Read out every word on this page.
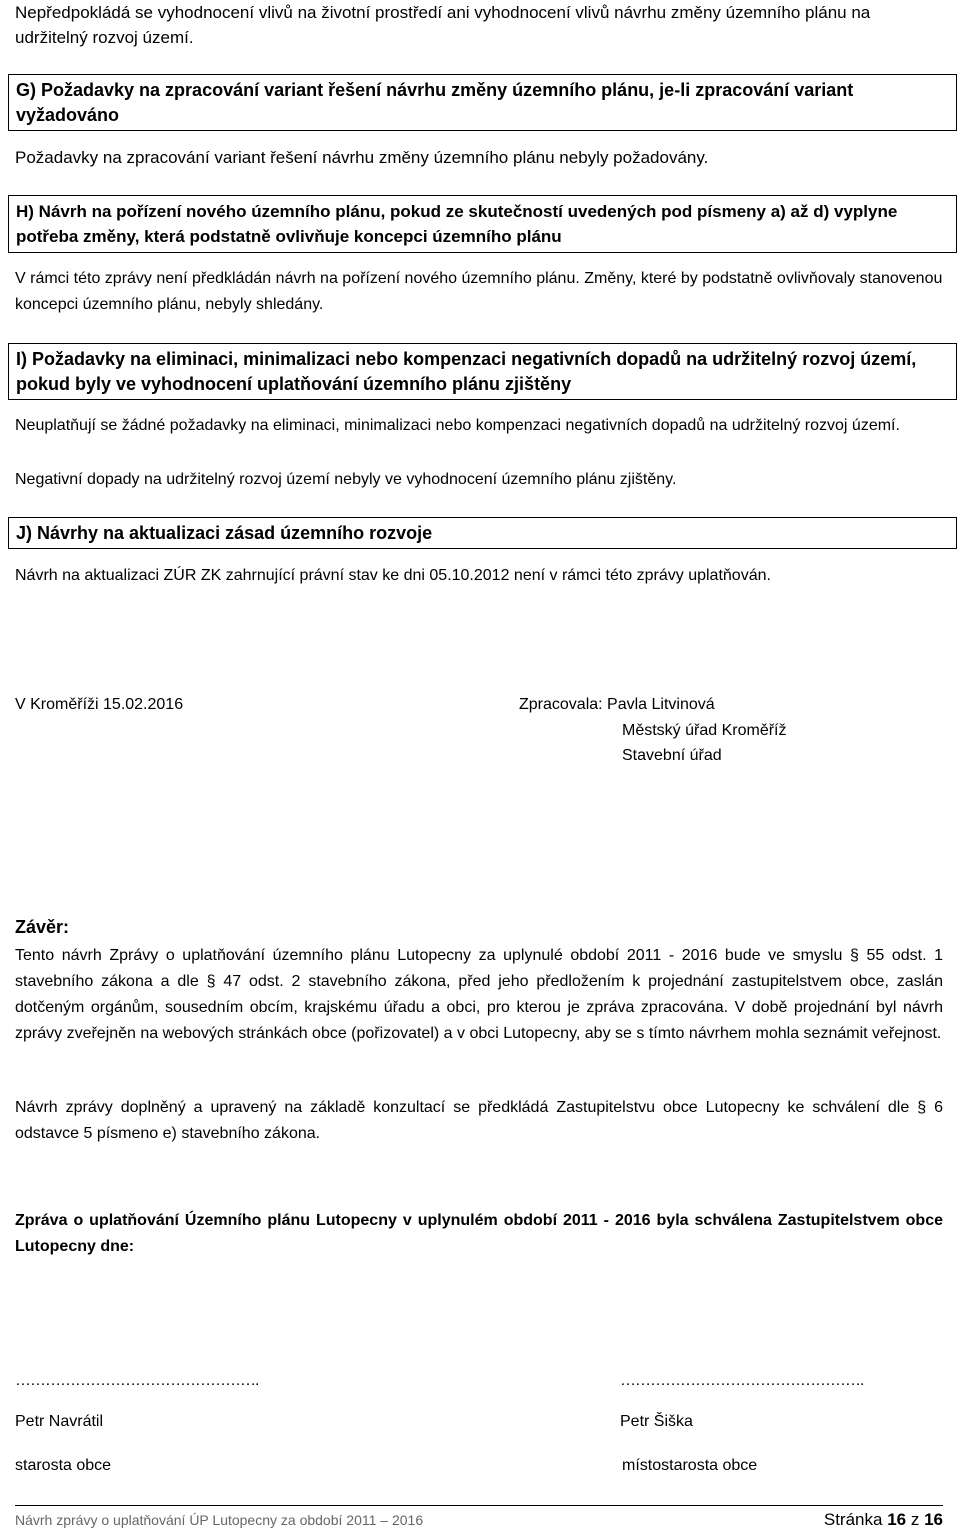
Nepředpokládá se vyhodnocení vlivů na životní prostředí ani vyhodnocení vlivů návrhu změny územního plánu na udržitelný rozvoj území.
G) Požadavky na zpracování variant řešení návrhu změny územního plánu, je-li zpracování variant vyžadováno
Požadavky na zpracování variant řešení návrhu změny územního plánu nebyly požadovány.
H) Návrh na pořízení nového územního plánu, pokud ze skutečností uvedených pod písmeny a) až d) vyplyne potřeba změny, která podstatně ovlivňuje koncepci územního plánu
V rámci této zprávy není předkládán návrh na pořízení nového územního plánu. Změny, které by podstatně ovlivňovaly stanovenou koncepci územního plánu, nebyly shledány.
I) Požadavky na eliminaci, minimalizaci nebo kompenzaci negativních dopadů na udržitelný rozvoj území, pokud byly ve vyhodnocení uplatňování územního plánu zjištěny
Neuplatňují se žádné požadavky na eliminaci, minimalizaci nebo kompenzaci negativních dopadů na udržitelný rozvoj území.
Negativní dopady na udržitelný rozvoj území nebyly ve vyhodnocení územního plánu zjištěny.
J) Návrhy na aktualizaci zásad územního rozvoje
Návrh na aktualizaci ZÚR ZK zahrnující právní stav ke dni 05.10.2012 není v rámci této zprávy uplatňován.
V Kroměříži 15.02.2016	Zpracovala: Pavla Litvinová
Městský úřad Kroměříž
Stavební úřad
Závěr:
Tento návrh Zprávy o uplatňování územního plánu Lutopecny za uplynulé období 2011 - 2016 bude ve smyslu § 55 odst. 1 stavebního zákona a dle § 47 odst. 2 stavebního zákona, před jeho předložením k projednání zastupitelstvem obce, zaslán dotčeným orgánům, sousedním obcím, krajskému úřadu a obci, pro kterou je zpráva zpracována. V době projednání byl návrh zprávy zveřejněn na webových stránkách obce (pořizovatel) a v obci Lutopecny, aby se s tímto návrhem mohla seznámit veřejnost.
Návrh zprávy doplněný a upravený na základě konzultací se předkládá Zastupitelstvu obce Lutopecny ke schválení dle § 6 odstavce 5 písmeno e) stavebního zákona.
Zpráva o uplatňování Územního plánu Lutopecny v uplynulém období 2011 - 2016 byla schválena Zastupitelstvem obce Lutopecny dne:
………………………………………….	………………………………………….
Petr Navrátil	Petr Šiška
starosta obce	místostarosta obce
Návrh zprávy o uplatňování ÚP Lutopecny za období 2011 – 2016	Stránka 16 z 16
